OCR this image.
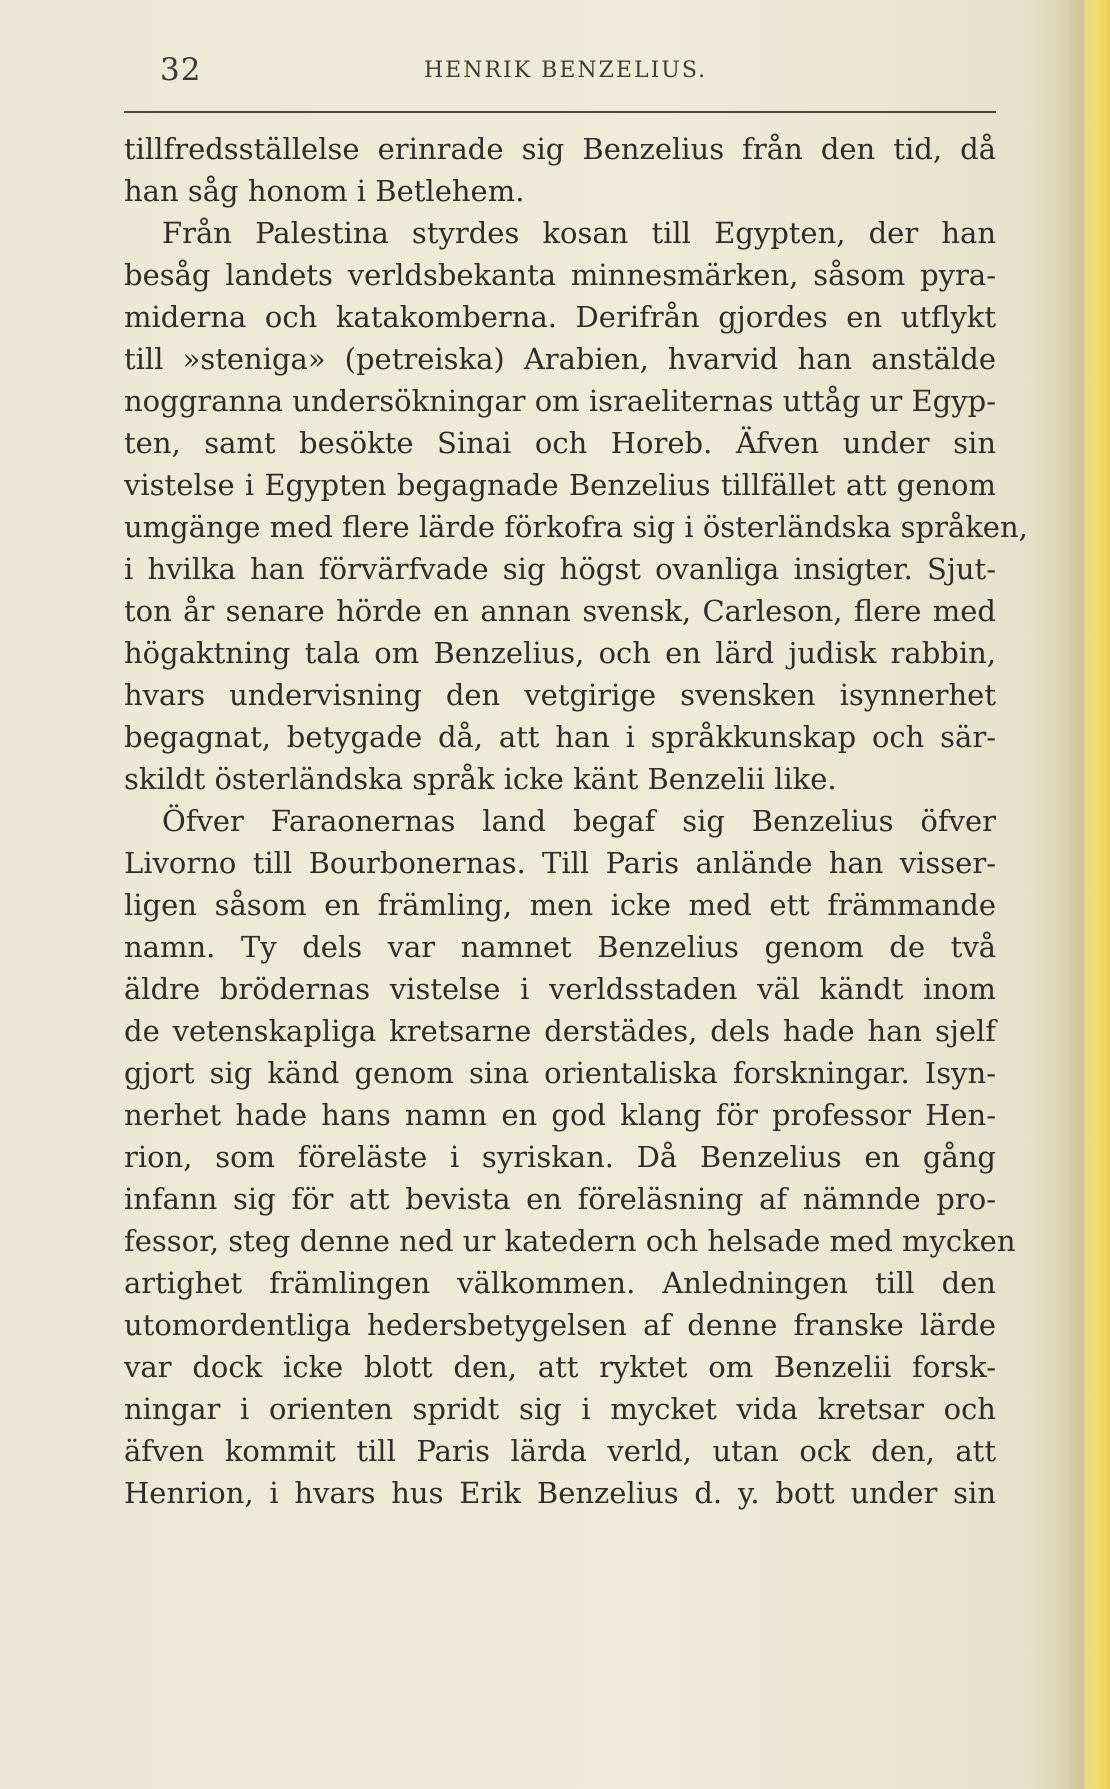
32	HENRIK BENZELIUS.
tillfredsställelse erinrade sig Benzelius från den tid, då
han såg honom i Betlehem.
Från Palestina styrdes kosan till Egypten, der han
besåg landets verldsbekanta minnesmärken, såsom pyra-
miderna och katakomberna. Derifrån gjordes en utflykt
till »steniga» (petreiska) Arabien, hvarvid han anstälde
noggranna undersökningar om israeliternas uttåg ur Egyp-
ten, samt besökte Sinai och Horeb. Äfven under sin
vistelse i Egypten begagnade Benzelius tillfället att genom
umgänge med flere lärde förkofra sig i österländska språken,
i hvilka han förvärfvade sig högst ovanliga insigter. Sjut-
ton år senare hörde en annan svensk, Carleson, flere med
högaktning tala om Benzelius, och en lärd judisk rabbin,
hvars undervisning den vetgirige svensken isynnerhet
begagnat, betygade då, att han i språkkunskap och sär-
skildt österländska språk icke känt Benzelii like.
Öfver Faraonernas land begaf sig Benzelius öfver
Livorno till Bourbonernas. Till Paris anlände han visser-
ligen såsom en främling, men icke med ett främmande
namn. Ty dels var namnet Benzelius genom de två
äldre brödernas vistelse i verldsstaden väl kändt inom
de vetenskapliga kretsarne derstädes, dels hade han sjelf
gjort sig känd genom sina orientaliska forskningar. Isyn-
nerhet hade hans namn en god klang för professor Hen-
rion, som föreläste i syriskan. Då Benzelius en gång
infann sig för att bevista en föreläsning af nämnde pro-
fessor, steg denne ned ur katedern och helsade med mycken
artighet främlingen välkommen. Anledningen till den
utomordentliga hedersbetygelsen af denne franske lärde
var dock icke blott den, att ryktet om Benzelii forsk-
ningar i orienten spridt sig i mycket vida kretsar och
äfven kommit till Paris lärda verld, utan ock den, att
Henrion, i hvars hus Erik Benzelius d. y. bott under sin
